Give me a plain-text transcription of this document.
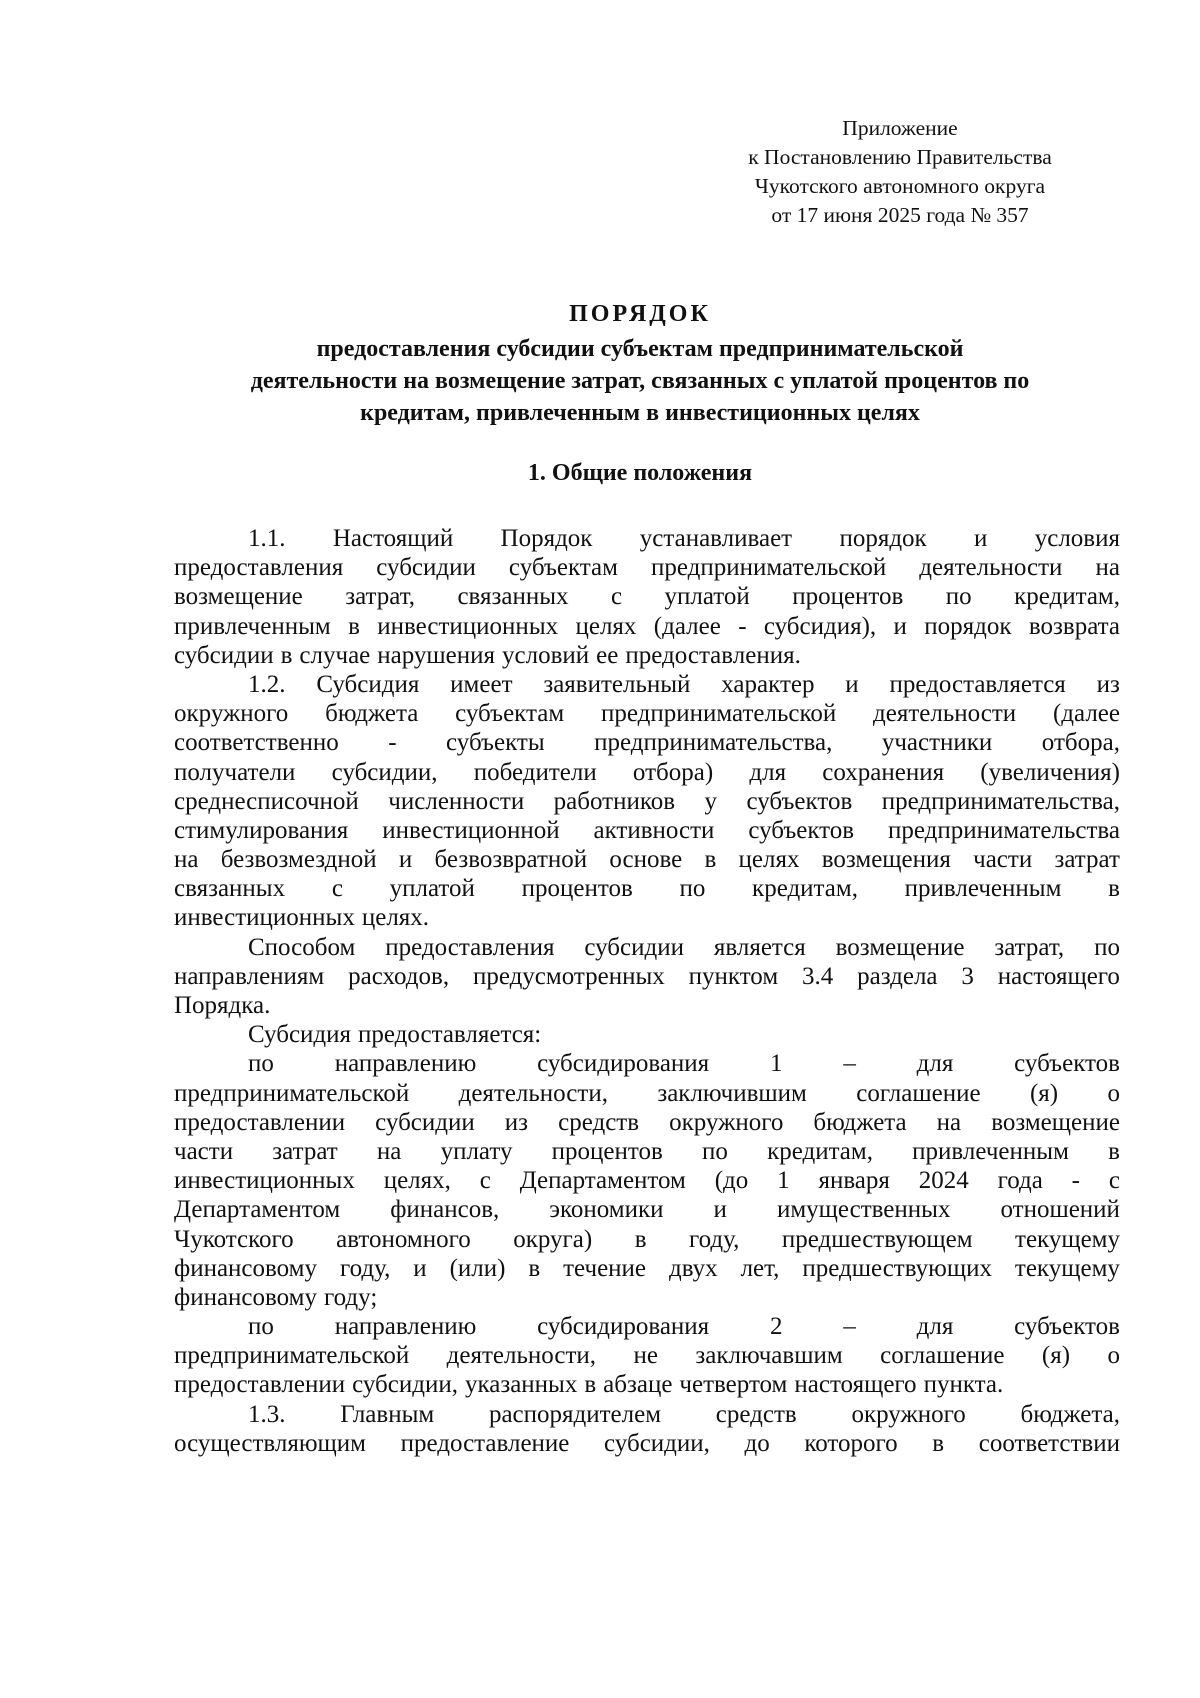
Приложение
к Постановлению Правительства
Чукотского автономного округа
от 17 июня 2025 года № 357
ПОРЯДОК
предоставления субсидии субъектам предпринимательской
деятельности на возмещение затрат, связанных с уплатой процентов по
кредитам, привлеченным в инвестиционных целях
1. Общие положения
1.1. Настоящий Порядок устанавливает порядок и условия
предоставления субсидии субъектам предпринимательской деятельности на
возмещение затрат, связанных с уплатой процентов по кредитам,
привлеченным в инвестиционных целях (далее - субсидия), и порядок возврата
субсидии в случае нарушения условий ее предоставления.
1.2. Субсидия имеет заявительный характер и предоставляется из
окружного бюджета субъектам предпринимательской деятельности (далее
соответственно - субъекты предпринимательства, участники отбора,
получатели субсидии, победители отбора) для сохранения (увеличения)
среднесписочной численности работников у субъектов предпринимательства,
стимулирования инвестиционной активности субъектов предпринимательства
на безвозмездной и безвозвратной основе в целях возмещения части затрат
связанных с уплатой процентов по кредитам, привлеченным в
инвестиционных целях.
Способом предоставления субсидии является возмещение затрат, по
направлениям расходов, предусмотренных пунктом 3.4 раздела 3 настоящего
Порядка.
Субсидия предоставляется:
по направлению субсидирования 1 – для субъектов
предпринимательской деятельности, заключившим соглашение (я) о
предоставлении субсидии из средств окружного бюджета на возмещение
части затрат на уплату процентов по кредитам, привлеченным в
инвестиционных целях, с Департаментом (до 1 января 2024 года - с
Департаментом финансов, экономики и имущественных отношений
Чукотского автономного округа) в году, предшествующем текущему
финансовому году, и (или) в течение двух лет, предшествующих текущему
финансовому году;
по направлению субсидирования 2 – для субъектов
предпринимательской деятельности, не заключавшим соглашение (я) о
предоставлении субсидии, указанных в абзаце четвертом настоящего пункта.
1.3. Главным распорядителем средств окружного бюджета,
осуществляющим предоставление субсидии, до которого в соответствии
